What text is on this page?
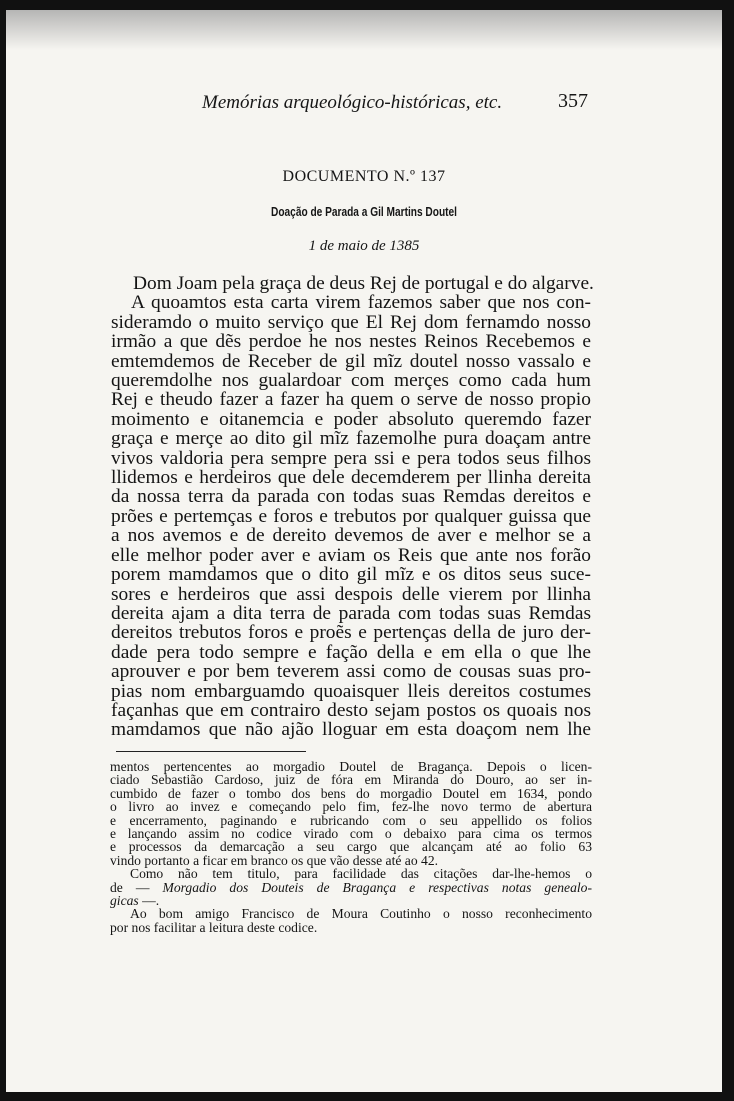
Memórias arqueológico-históricas, etc.	357
DOCUMENTO N.º 137
Doação de Parada a Gil Martins Doutel
1 de maio de 1385
Dom Joam pela graça de deus Rej de portugal e do algarve.
A quoamtos esta carta virem fazemos saber que nos con-
sideramdo o muito serviço que El Rej dom fernamdo nosso
irmão a que dẽs perdoe he nos nestes Reinos Recebemos e
emtemdemos de Receber de gil mĩz doutel nosso vassalo e
queremdolhe nos gualardoar com merçes como cada hum
Rej e theudo fazer a fazer ha quem o serve de nosso propio
moimento e oitanemcia e poder absoluto queremdo fazer
graça e merçe ao dito gil mĩz fazemolhe pura doaçam antre
vivos valdoria pera sempre pera ssi e pera todos seus filhos
llidemos e herdeiros que dele decemderem per llinha dereita
da nossa terra da parada con todas suas Remdas dereitos e
prões e pertemças e foros e trebutos por qualquer guissa que
a nos avemos e de dereito devemos de aver e melhor se a
elle melhor poder aver e aviam os Reis que ante nos forão
porem mamdamos que o dito gil mĩz e os ditos seus suce-
sores e herdeiros que assi despois delle vierem por llinha
dereita ajam a dita terra de parada com todas suas Remdas
dereitos trebutos foros e proẽs e pertenças della de juro der-
dade pera todo sempre e fação della e em ella o que lhe
aprouver e por bem teverem assi como de cousas suas pro-
pias nom embarguamdo quoaisquer lleis dereitos costumes
façanhas que em contrairo desto sejam postos os quoais nos
mamdamos que não ajão lloguar em esta doaçom nem lhe
mentos pertencentes ao morgadio Doutel de Bragança. Depois o licen-
ciado Sebastião Cardoso, juiz de fóra em Miranda do Douro, ao ser in-
cumbido de fazer o tombo dos bens do morgadio Doutel em 1634, pondo
o livro ao invez e começando pelo fim, fez-lhe novo termo de abertura
e encerramento, paginando e rubricando com o seu appellido os folios
e lançando assim no codice virado com o debaixo para cima os termos
e processos da demarcação a seu cargo que alcançam até ao folio 63
vindo portanto a ficar em branco os que vão desse até ao 42.
Como não tem titulo, para facilidade das citações dar-lhe-hemos o
de — Morgadio dos Douteis de Bragança e respectivas notas genealo-
gicas —.
Ao bom amigo Francisco de Moura Coutinho o nosso reconhecimento
por nos facilitar a leitura deste codice.
